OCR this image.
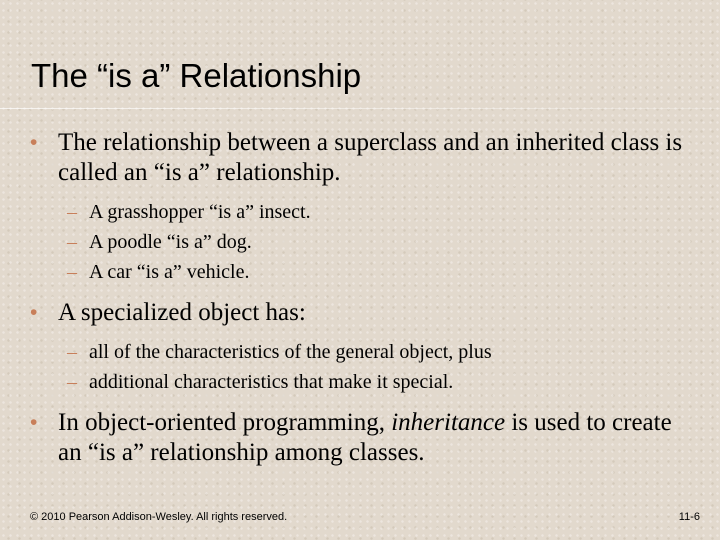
The “is a” Relationship
• The relationship between a superclass and an inherited class is called an “is a” relationship.
– A grasshopper “is a” insect.
– A poodle “is a” dog.
– A car “is a” vehicle.
• A specialized object has:
– all of the characteristics of the general object, plus
– additional characteristics that make it special.
• In object-oriented programming, inheritance is used to create an “is a” relationship among classes.
© 2010 Pearson Addison-Wesley. All rights reserved.	11-6
